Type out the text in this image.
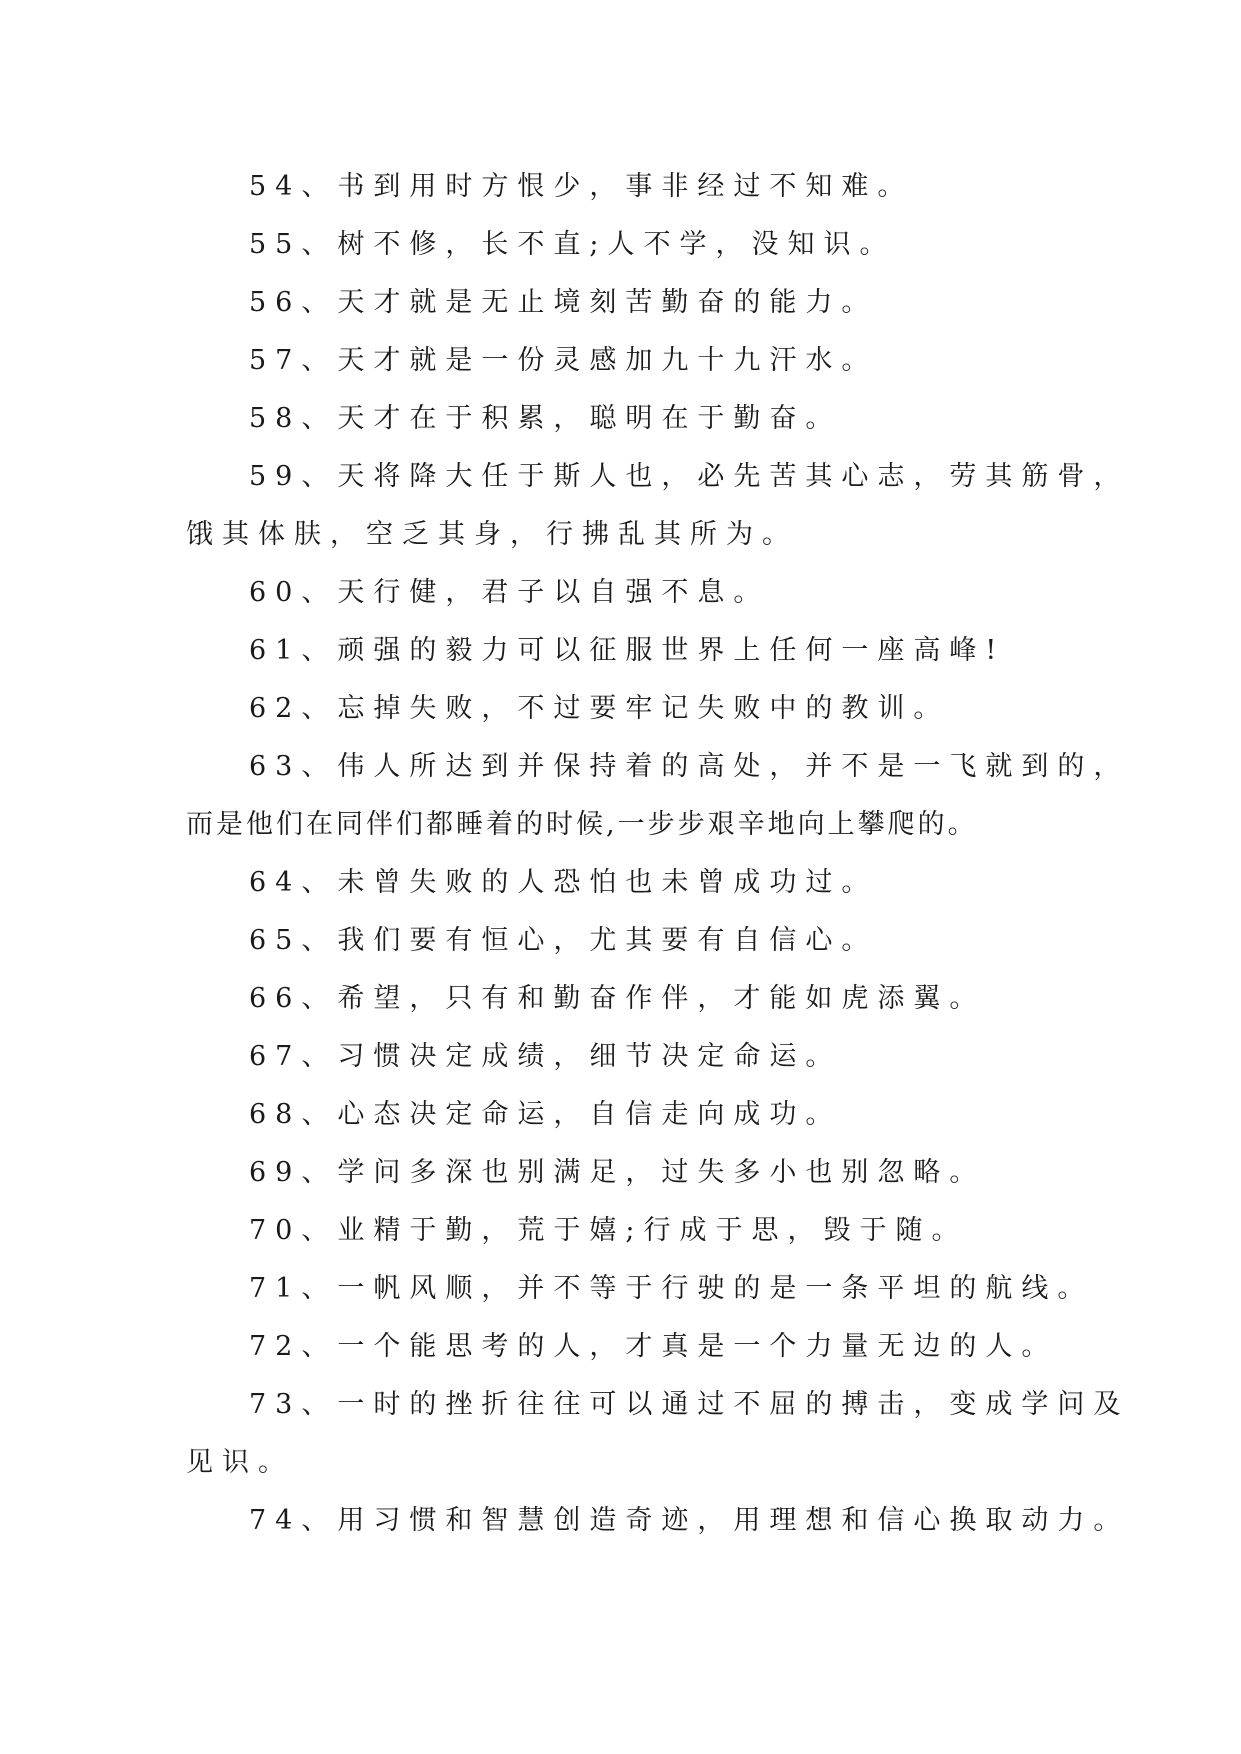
54、书到用时方恨少，事非经过不知难。
55、树不修，长不直;人不学，没知识。
56、天才就是无止境刻苦勤奋的能力。
57、天才就是一份灵感加九十九汗水。
58、天才在于积累，聪明在于勤奋。
59、天将降大任于斯人也，必先苦其心志，劳其筋骨，
饿其体肤，空乏其身，行拂乱其所为。
60、天行健，君子以自强不息。
61、顽强的毅力可以征服世界上任何一座高峰!
62、忘掉失败，不过要牢记失败中的教训。
63、伟人所达到并保持着的高处，并不是一飞就到的，
而是他们在同伴们都睡着的时候,一步步艰辛地向上攀爬的。
64、未曾失败的人恐怕也未曾成功过。
65、我们要有恒心，尤其要有自信心。
66、希望，只有和勤奋作伴，才能如虎添翼。
67、习惯决定成绩，细节决定命运。
68、心态决定命运，自信走向成功。
69、学问多深也别满足，过失多小也别忽略。
70、业精于勤，荒于嬉;行成于思，毁于随。
71、一帆风顺，并不等于行驶的是一条平坦的航线。
72、一个能思考的人，才真是一个力量无边的人。
73、一时的挫折往往可以通过不屈的搏击，变成学问及
见识。
74、用习惯和智慧创造奇迹，用理想和信心换取动力。
